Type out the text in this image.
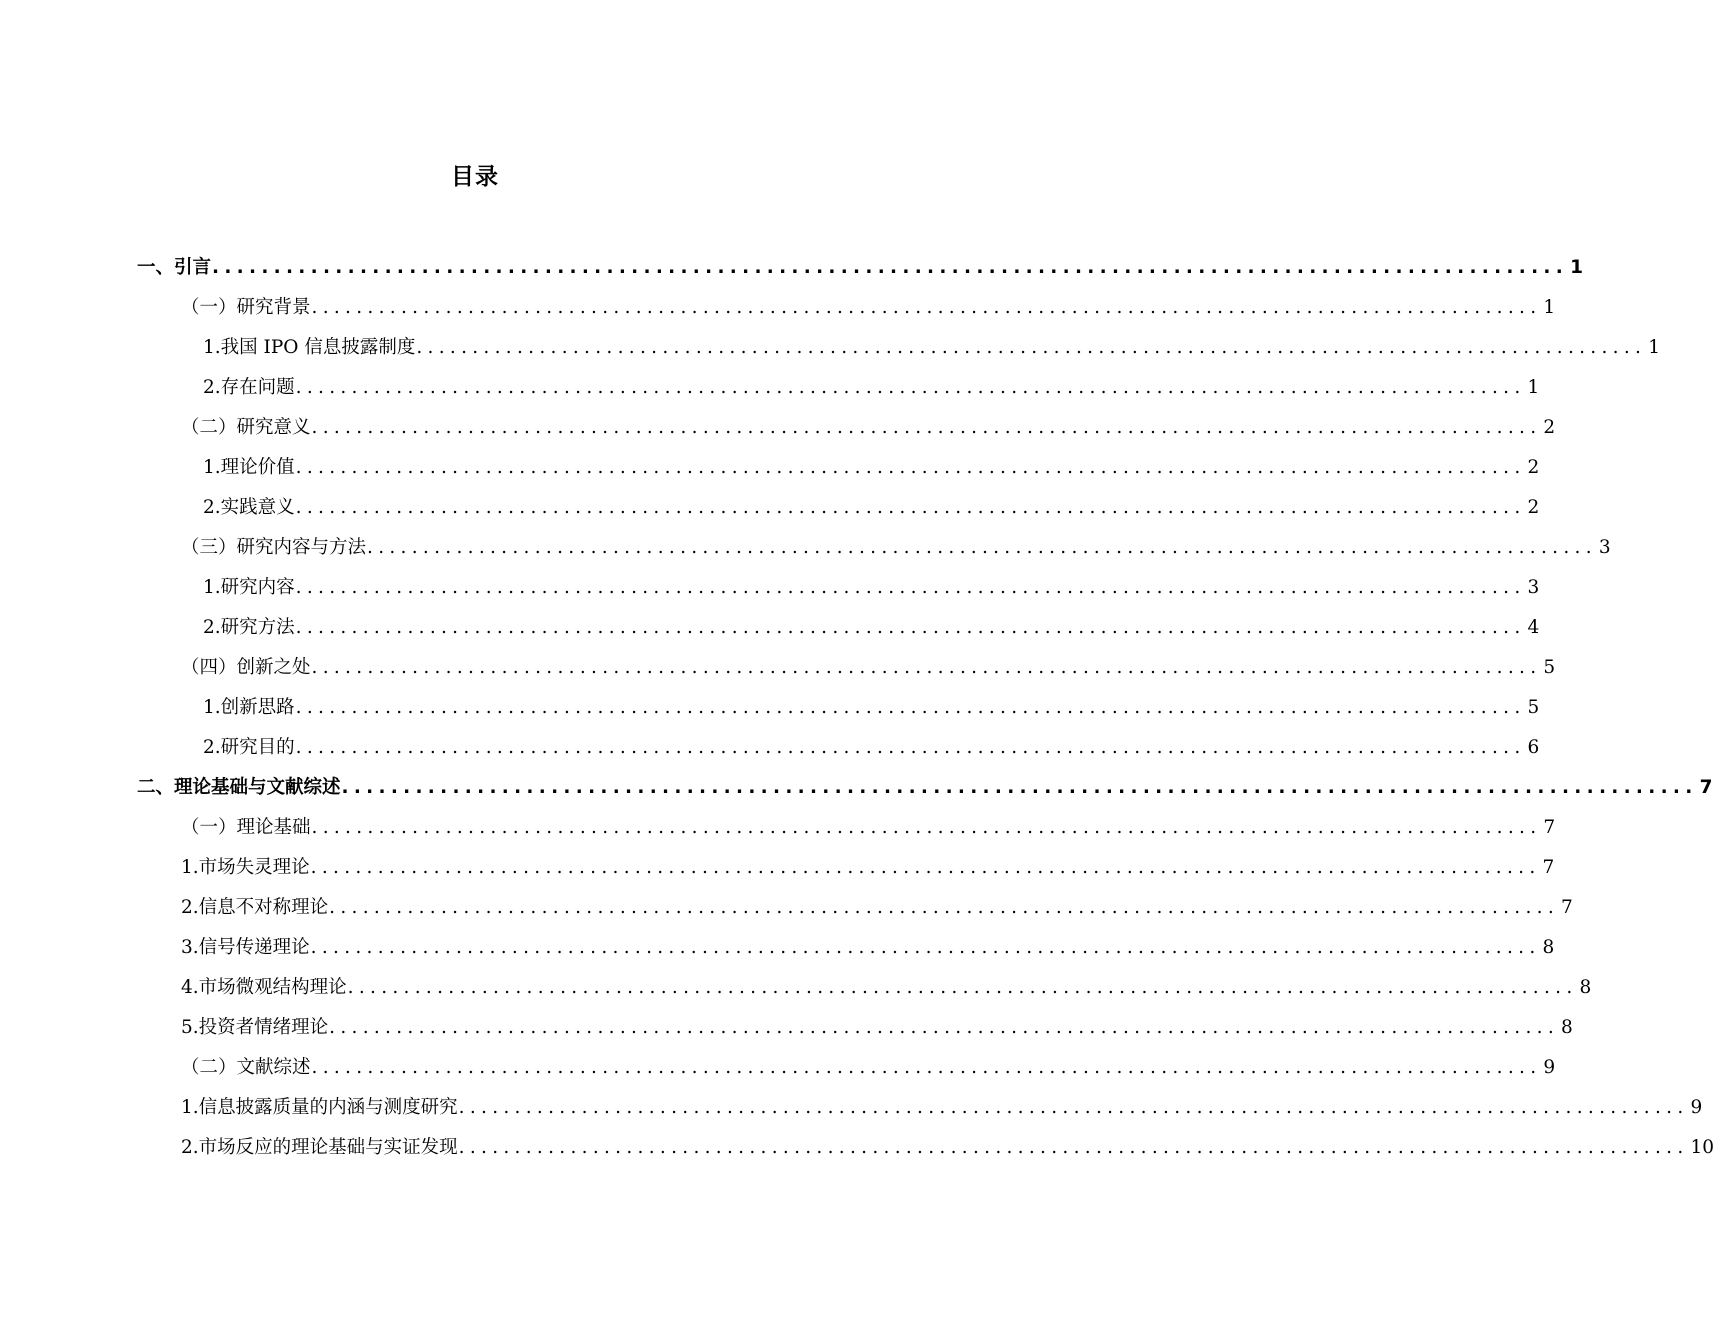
目录
一、引言 .............................................................................................................. 1
（一）研究背景 .............................................................................................................. 1
1.我国 IPO 信息披露制度 .............................................................................................................. 1
2.存在问题 .............................................................................................................. 1
（二）研究意义 .............................................................................................................. 2
1.理论价值 .............................................................................................................. 2
2.实践意义 .............................................................................................................. 2
（三）研究内容与方法 .............................................................................................................. 3
1.研究内容 .............................................................................................................. 3
2.研究方法 .............................................................................................................. 4
（四）创新之处 .............................................................................................................. 5
1.创新思路 .............................................................................................................. 5
2.研究目的 .............................................................................................................. 6
二、理论基础与文献综述 .............................................................................................................. 7
（一）理论基础 .............................................................................................................. 7
1.市场失灵理论 .............................................................................................................. 7
2.信息不对称理论 .............................................................................................................. 7
3.信号传递理论 .............................................................................................................. 8
4.市场微观结构理论 .............................................................................................................. 8
5.投资者情绪理论 .............................................................................................................. 8
（二）文献综述 .............................................................................................................. 9
1.信息披露质量的内涵与测度研究 .............................................................................................................. 9
2.市场反应的理论基础与实证发现 .............................................................................................................. 10
